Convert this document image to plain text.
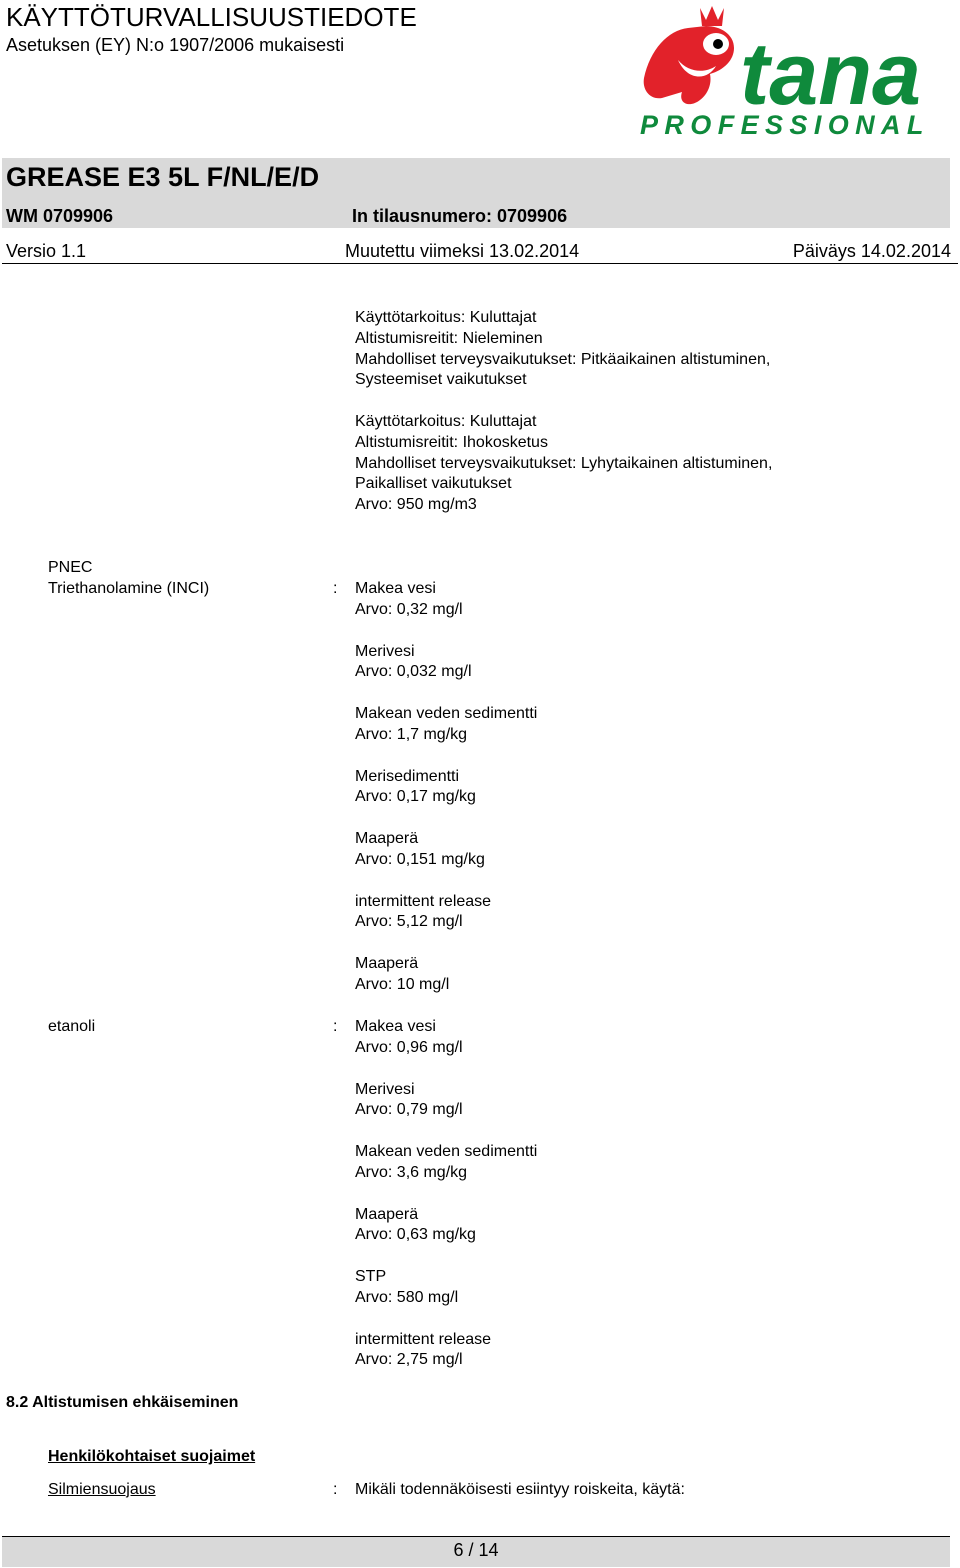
KÄYTTÖTURVALLISUUSTIEDOTE
Asetuksen (EY) N:o 1907/2006 mukaisesti	tana
PROFESSIONAL
GREASE E3 5L F/NL/E/D
WM 0709906	In tilausnumero: 0709906
Versio 1.1	Muutettu viimeksi 13.02.2014	Päiväys 14.02.2014
Käyttötarkoitus: Kuluttajat
Altistumisreitit: Nieleminen
Mahdolliset terveysvaikutukset: Pitkäaikainen altistuminen,
Systeemiset vaikutukset
Käyttötarkoitus: Kuluttajat
Altistumisreitit: Ihokosketus
Mahdolliset terveysvaikutukset: Lyhytaikainen altistuminen,
Paikalliset vaikutukset
Arvo: 950 mg/m3
PNEC
Triethanolamine (INCI)	: Makea vesi
Arvo: 0,32 mg/l
Merivesi
Arvo: 0,032 mg/l
Makean veden sedimentti
Arvo: 1,7 mg/kg
Merisedimentti
Arvo: 0,17 mg/kg
Maaperä
Arvo: 0,151 mg/kg
intermittent release
Arvo: 5,12 mg/l
Maaperä
Arvo: 10 mg/l
etanoli	: Makea vesi
Arvo: 0,96 mg/l
Merivesi
Arvo: 0,79 mg/l
Makean veden sedimentti
Arvo: 3,6 mg/kg
Maaperä
Arvo: 0,63 mg/kg
STP
Arvo: 580 mg/l
intermittent release
Arvo: 2,75 mg/l
8.2 Altistumisen ehkäiseminen
Henkilökohtaiset suojaimet
Silmiensuojaus	: Mikäli todennäköisesti esiintyy roiskeita, käytä:
6 / 14
